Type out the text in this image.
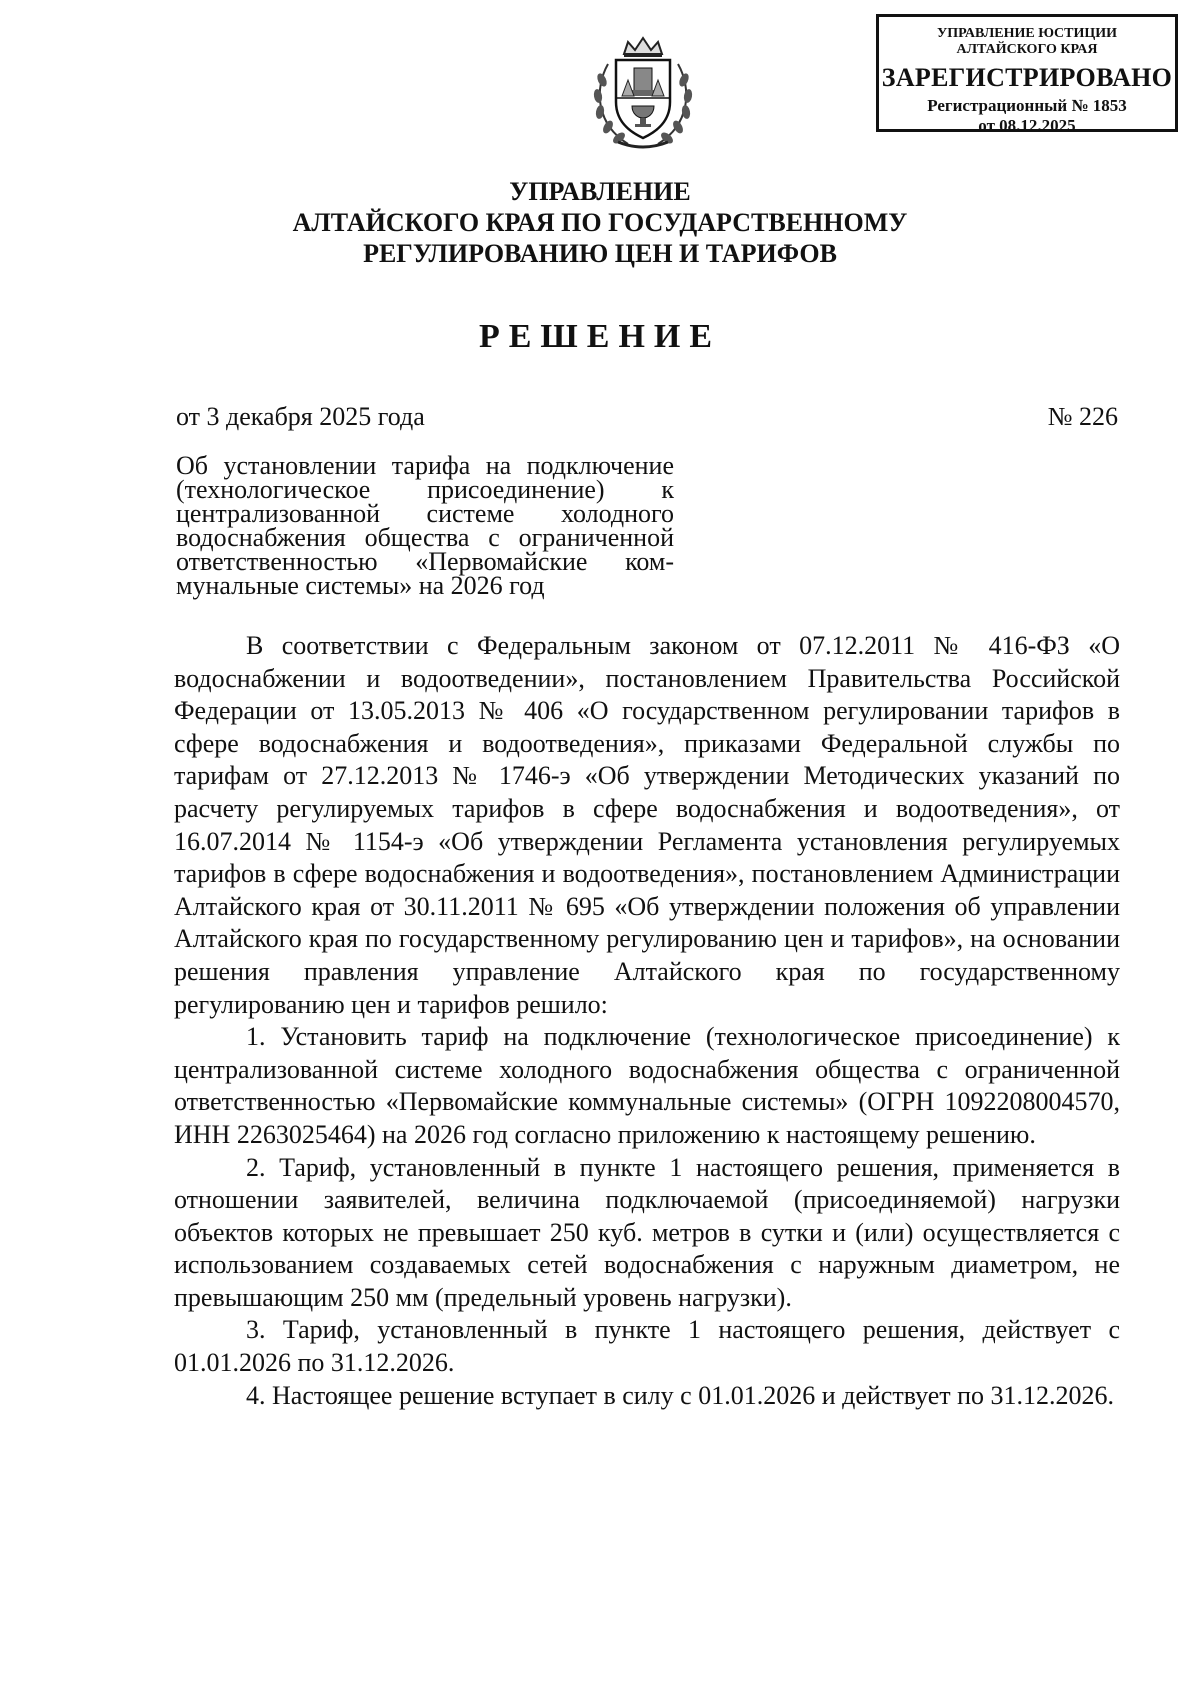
УПРАВЛЕНИЕ ЮСТИЦИИ
АЛТАЙСКОГО КРАЯ
ЗАРЕГИСТРИРОВАНО
Регистрационный № 1853
от 08.12.2025
УПРАВЛЕНИЕ
АЛТАЙСКОГО КРАЯ ПО ГОСУДАРСТВЕННОМУ
РЕГУЛИРОВАНИЮ ЦЕН И ТАРИФОВ
РЕШЕНИЕ
от 3 декабря 2025 года	№ 226
Об установлении тарифа на подключение
(технологическое присоединение) к
централизованной системе холодного
водоснабжения общества с ограниченной
ответственностью «Первомайские ком-
мунальные системы» на 2026 год

В соответствии с Федеральным законом от 07.12.2011 № 416-ФЗ «О водоснабжении и водоотведении», постановлением Правительства Российской Федерации от 13.05.2013 № 406 «О государственном регулировании тарифов в сфере водоснабжения и водоотведения», приказами Федеральной службы по тарифам от 27.12.2013 № 1746-э «Об утверждении Методических указаний по расчету регулируемых тарифов в сфере водоснабжения и водоотведения», от 16.07.2014 № 1154-э «Об утверждении Регламента установления регулируемых тарифов в сфере водоснабжения и водоотведения», постановлением Администрации Алтайского края от 30.11.2011 № 695 «Об утверждении положения об управлении Алтайского края по государственному регулированию цен и тарифов», на основании решения правления управление Алтайского края по государственному регулированию цен и тарифов решило:

1. Установить тариф на подключение (технологическое присоединение) к централизованной системе холодного водоснабжения общества с ограниченной ответственностью «Первомайские коммунальные системы» (ОГРН 1092208004570, ИНН 2263025464) на 2026 год согласно приложению к настоящему решению.

2. Тариф, установленный в пункте 1 настоящего решения, применяется в отношении заявителей, величина подключаемой (присоединяемой) нагрузки объектов которых не превышает 250 куб. метров в сутки и (или) осуществляется с использованием создаваемых сетей водоснабжения с наружным диаметром, не превышающим 250 мм (предельный уровень нагрузки).

3. Тариф, установленный в пункте 1 настоящего решения, действует с 01.01.2026 по 31.12.2026.

4. Настоящее решение вступает в силу с 01.01.2026 и действует по 31.12.2026.
